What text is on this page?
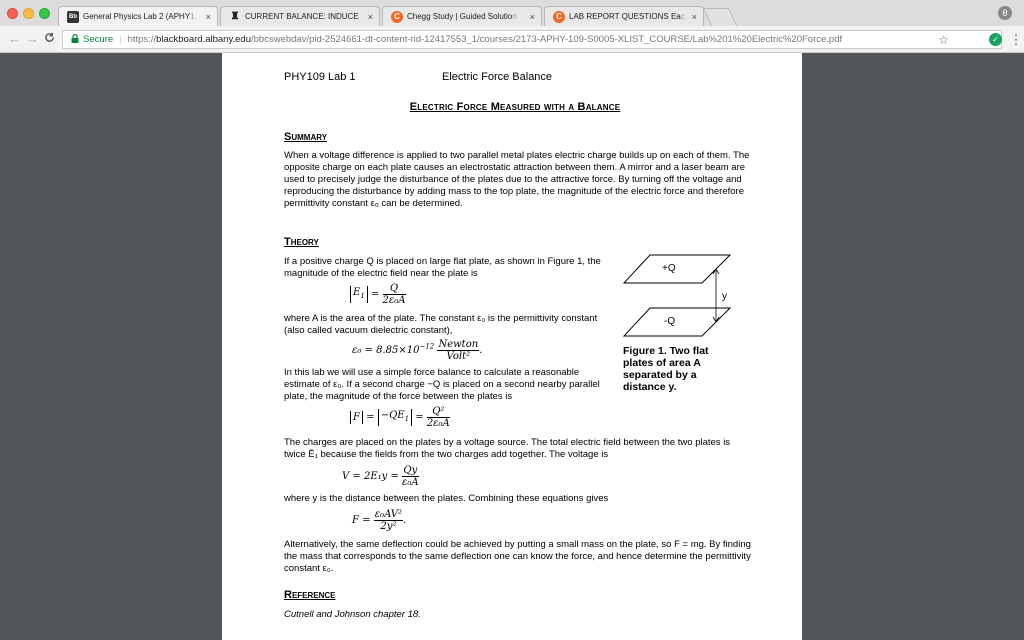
Bb General Physics Lab 2 (APHY1	× ♜ CURRENT BALANCE: INDUCE	×	C Chegg Study | Guided Solution	×	C LAB REPORT QUESTIONS Eac ×	θ
← →	Secure | https:// blackboard.albany.edu /bbcswebdav/pid-2524661-dt-content-rid-12417553_1/courses/2173-APHY-109-S0005-XLIST_COURSE/Lab%201%20Electric%20Force.pdf	☆	✓ ⋮
PHY109 Lab 1	Electric Force Balance
Electric Force Measured with a Balance
Summary
When a voltage difference is applied to two parallel metal plates electric charge builds up on each of them. The opposite charge on each plate causes an electrostatic attraction between them. A mirror and a laser beam are used to precisely judge the disturbance of the plates due to the attractive force. By turning off the voltage and reproducing the disturbance by adding mass to the top plate, the magnitude of the electric force and therefore permittivity constant ε₀ can be determined.
Theory
If a positive charge Q is placed on large flat plate, as shown in Figure 1, the magnitude of the electric field near the plate is
$E_1 = \frac{Q}{\text{2ε₀A}}$
where A is the area of the plate. The constant ε₀ is the permittivity constant (also called vacuum dielectric constant),
$\varepsilon_0 = 8.85\times 10^{-12} \frac{\text{Newton}}{\text{Volt²}}$ .
In this lab we will use a simple force balance to calculate a reasonable estimate of ε₀. If a second charge −Q is placed on a second nearby parallel plate, the magnitude of the force between the plates is
$F = -QE_1 = \frac{\text{Q²}}{\text{2ε₀A}}$
The charges are placed on the plates by a voltage source. The total electric field between the two plates is twice Ē₁ because the fields from the two charges add together. The voltage is
$V = 2E_1y = \frac{Qy}{\text{ε₀A}}$
where y is the distance between the plates. Combining these equations gives
$F = \frac{\text{ε₀AV²}}{\text{2y²}}$ .
Alternatively, the same deflection could be achieved by putting a small mass on the plate, so F = mg. By finding the mass that corresponds to the same deflection one can know the force, and hence determine the permittivity constant ε₀.
+Q
-Q
y
Figure 1. Two flat plates of area A separated by a distance y.
Reference
Cutnell and Johnson chapter 18.
